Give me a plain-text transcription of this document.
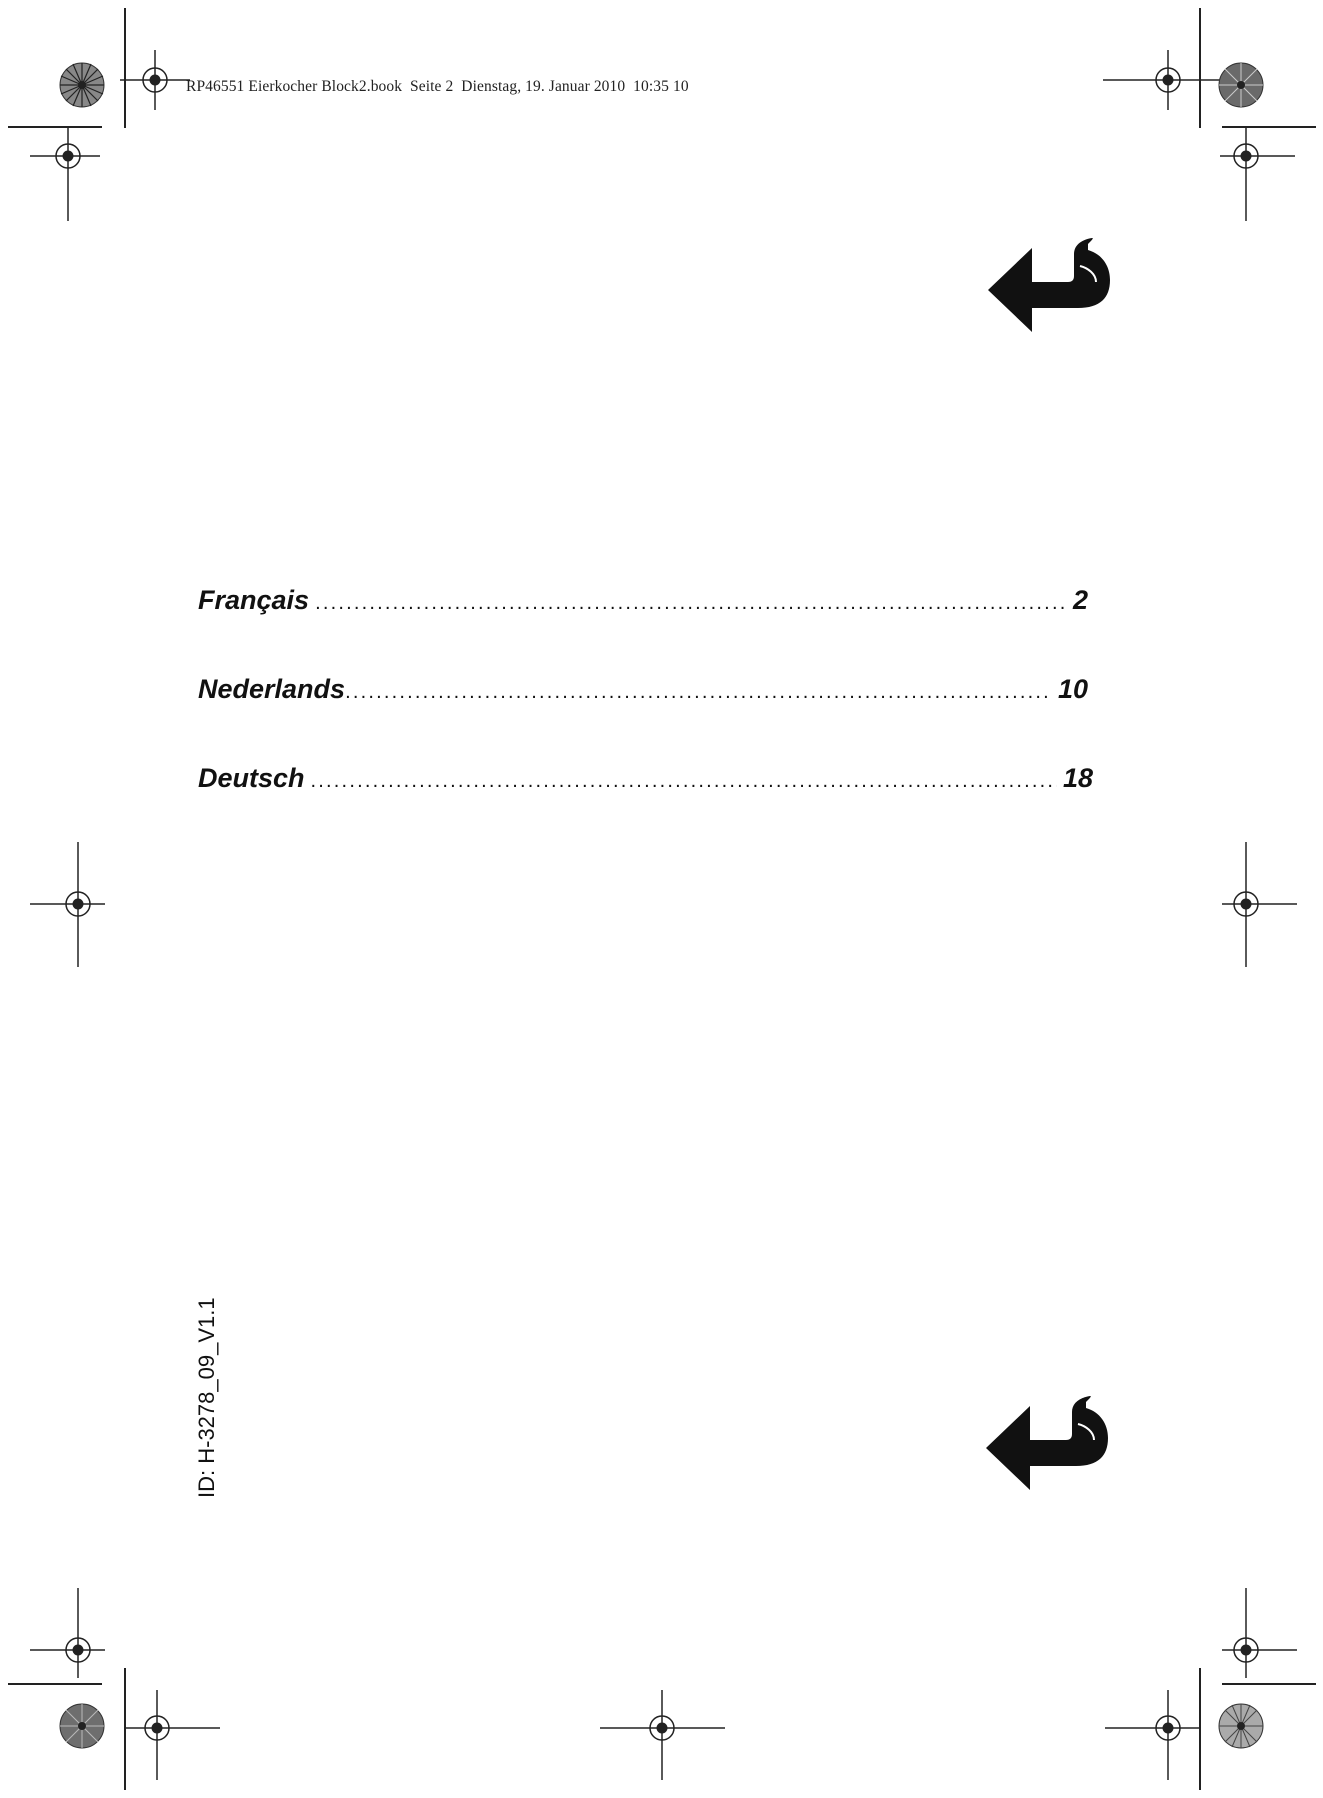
RP46551 Eierkocher Block2.book  Seite 2  Dienstag, 19. Januar 2010  10:35 10
Français .....	2
Nederlands .....	10
Deutsch .....	18
ID: H-3278_09_V1.1
